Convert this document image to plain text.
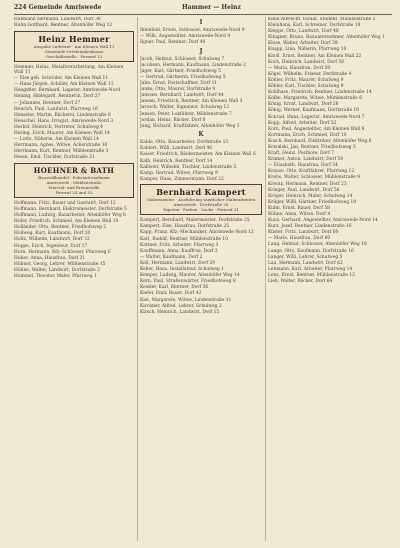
224 Gemeinde Amriswede	Hammer — Heinz
Hahmann Hermann, Landwirt, Dorf 38
Hahn Gotthard, Rentner, Altenhöfer Weg 12
Heinz Hemmer
Ausgabe Lieferant · Am Kleinen Wall 11
Gemeinde-Ortskrankenkasse
Geschäftsstelle · Fernruf 12
Hemmer, Heinz, Metallverarbeitung, Am Kleinen Wall 11
— Else geb. Schröder, Am Kleinen Wall 11
— Hans Jürgen, Schüler, Am Kleinen Wall 11
Hengstler, Bernhard, Lagerer, Amriswede-Nord
Hennig, Hildegard, Rentnerin, Dorf 27
— Johannes, Rentner, Dorf 27
Henrich, Paul, Landwirt, Pfarrweg 16
Henseler, Martin, Bäckerei, Lindenstraße 8
Henschel, Hans, Drogist, Amriswede-Nord 3
Herbst, Heinrich, Vertreter, Schulweg 4
Hering, Erich, Maurer, Am Kleinen Wall 14
— Lotte, Näherin, Am Kleinen Wall 14
Herrmann, Agnes, Witwe, Ackerstraße 10
Herrmann, Kurt, Rentner, Mühlenstraße 3
Hesse, Emil, Tischler, Dorfstraße 21
HOEHNER & BATH
Baustoffhandel · Fuhrunternehmen
Amriswede · Mühlenstraße
Mineral- und Brennstoffe
Fernruf 24 und 53
Hoffmann, Fritz, Bauer und Gastwirt, Dorf 12
Hoffmann, Bernhard, Elektromeister, Dorfstraße 5
Hoffmann, Ludwig, Bauarbeiter, Altenhöfer Weg 8
Hofer, Friedrich, Schmied, Am Kleinen Wall 19
Holländer, Otto, Rentner, Friedhofsweg 2
Hollweg, Kurt, Kaufmann, Dorf 20
Holtz, Wilhelm, Landwirt, Dorf 33
Hoppe, Erich, Ingenieur, Dorf 17
Horn, Hermann, Kfz.-Schlosser, Pfarrweg 6
Huber, Anna, Hausfrau, Dorf 31
Hübner, Georg, Lehrer, Mühlenstraße 15
Hühne, Walter, Landwirt, Dorfstraße 2
Hummel, Theodor, Maler, Pfarrweg 1
I
Ihlenfeld, Erwin, Schlosser, Amriswede-Nord 9
— Willi, Angestellter, Amriswede-Nord 9
Ilgner, Paul, Rentner, Dorf 40
J
Jacob, Helmut, Schlosser, Schulweg 7
Jacobsen, Hermann, Kaufmann, Lindenstraße 2
Jäger, Karl, Gärtner, Friedhofsweg 5
— Gertrud, Gärtnerin, Friedhofsweg 5
Jahn, Ernst, Postschaffner, Dorf 11
Janke, Otto, Maurer, Dorfstraße 9
Janssen, Bernhard, Landwirt, Dorf 44
Jansen, Friedrich, Rentner, Am Kleinen Wall 3
Jarosch, Walter, Ingenieur, Schulweg 12
Jensen, Peter, Lokführer, Mühlenstraße 7
Jordan, Heinz, Bäcker, Dorf 8
Jung, Richard, Kraftfahrer, Altenhöfer Weg 3
K
Kahle, Otto, Bauarbeiter, Dorfstraße 13
Kahlert, Willi, Landwirt, Dorf 46
Kaiser, Friedrich, Bäckermeister, Am Kleinen Wall 6
Kalb, Heinrich, Rentner, Dorf 14
Kallweit, Wilhelm, Tischler, Lindenstraße 5
Kamp, Gertrud, Witwe, Pfarrweg 9
Kamper, Hans, Zimmermann, Dorf 22
Bernhard Kampert
Malermeister · Ausführung sämtlicher Malerarbeiten
Amriswede · Dorfstraße 25
Tapeten · Farben · Lacke · Fernruf 31
Kampert, Bernhard, Malermeister, Dorfstraße 25
Kampert, Else, Hausfrau, Dorfstraße 25
Kapp, Franz, Kfz.-Mechaniker, Amriswede-Nord 12
Karl, Rudolf, Rentner, Mühlenstraße 10
Kattner, Fritz, Arbeiter, Pfarrweg 3
Kauffmann, Anna, Kauffrau, Dorf 2
— Walter, Kaufmann, Dorf 2
Keil, Hermann, Landwirt, Dorf 29
Keller, Hans, Installateur, Schulweg 1
Kemper, Ludwig, Maurer, Altenhöfer Weg 14
Kern, Paul, Straßenwärter, Friedhofsweg 8
Kessler, Karl, Rentner, Dorf 36
Kiefer, Emil, Bauer, Dorf 42
Kiel, Margarete, Witwe, Lindenstraße 11
Kirchner, Alfred, Lehrer, Schulweg 2
Kirsch, Heinrich, Landwirt, Dorf 15
Klein-Albrecht, Ewald, Student, Mühlenstraße 2
Kleinhans, Karl, Schreiner, Dorfstraße 18
Kleppe, Otto, Landwirt, Dorf 48
Klingner, Bruno, Bauunternehmer, Altenhöfer Weg 1
Klose, Walter, Arbeiter, Dorf 39
Knapp, Lina, Näherin, Pfarrweg 10
Knoll, Ernst, Rentner, Am Kleinen Wall 22
Koch, Heinrich, Landwirt, Dorf 50
— Maria, Hausfrau, Dorf 50
Kögel, Wilhelm, Friseur, Dorfstraße 4
Köhler, Fritz, Maurer, Schulweg 9
Köhler, Karl, Tischler, Schulweg 9
Kohlhase, Friedrich, Rentner, Lindenstraße 14
Kolbe, Margarete, Witwe, Mühlenstraße 6
König, Ernst, Landwirt, Dorf 26
König, Werner, Kaufmann, Dorfstraße 10
Konrad, Hans, Lagerist, Amriswede-Nord 7
Kopp, Alfred, Arbeiter, Dorf 52
Korn, Paul, Angestellter, Am Kleinen Wall 9
Kortmann, Erich, Schmied, Dorf 18
Kosch, Bernhard, Elektriker, Altenhöfer Weg 6
Kowalski, Jan, Rentner, Friedhofsweg 3
Kraft, Heinz, Postbote, Dorf 7
Kramer, Anton, Landwirt, Dorf 54
— Elisabeth, Hausfrau, Dorf 54
Krause, Otto, Kraftfahrer, Pfarrweg 12
Krebs, Walter, Schlosser, Mühlenstraße 9
Kreutz, Hermann, Rentner, Dorf 23
Krieger, Paul, Landwirt, Dorf 56
Kröger, Heinrich, Maler, Schulweg 14
Krüger, Willi, Gärtner, Friedhofsweg 10
Kuhn, Ernst, Bauer, Dorf 58
Kühne, Anna, Witwe, Dorf 4
Kunz, Gerhard, Angestellter, Amriswede-Nord 14
Kurz, Josef, Rentner, Lindenstraße 16
Küster, Fritz, Landwirt, Dorf 60
— Marie, Hausfrau, Dorf 60
Lang, Helmut, Schlosser, Altenhöfer Weg 10
Lange, Otto, Kaufmann, Dorfstraße 16
Langer, Willi, Lehrer, Schulweg 5
Lau, Hermann, Landwirt, Dorf 62
Lehmann, Karl, Arbeiter, Pfarrweg 14
Lenz, Ernst, Rentner, Mühlenstraße 12
Lieb, Walter, Bäcker, Dorf 64
